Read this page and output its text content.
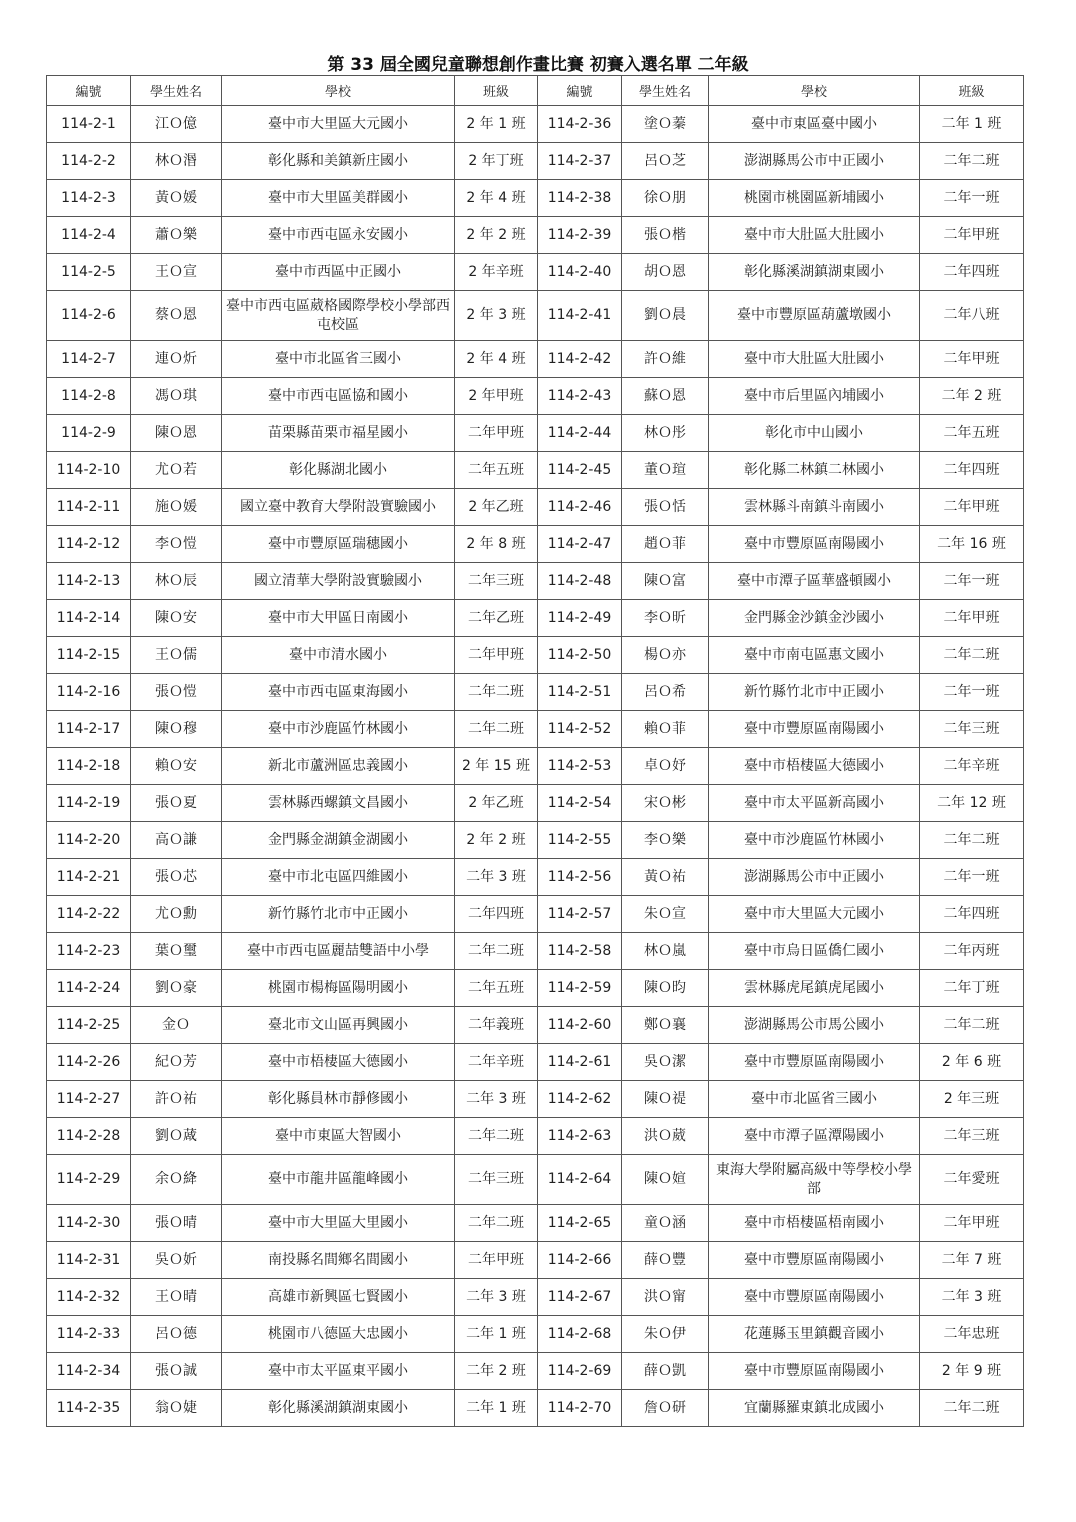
第 33 屆全國兒童聯想創作畫比賽 初賽入選名單 二年級
編號	學生姓名	學校	班級	編號	學生姓名	學校	班級
114-2-1	江Ｏ億	臺中市大里區大元國小	2 年 1 班	114-2-36	塗Ｏ蓁	臺中市東區臺中國小	二年 1 班
114-2-2	林Ｏ湣	彰化縣和美鎮新庄國小	2 年丁班	114-2-37	呂Ｏ芝	澎湖縣馬公市中正國小	二年二班
114-2-3	黃Ｏ媛	臺中市大里區美群國小	2 年 4 班	114-2-38	徐Ｏ朋	桃園市桃園區新埔國小	二年一班
114-2-4	蕭Ｏ樂	臺中市西屯區永安國小	2 年 2 班	114-2-39	張Ｏ楷	臺中市大肚區大肚國小	二年甲班
114-2-5	王Ｏ宣	臺中市西區中正國小	2 年辛班	114-2-40	胡Ｏ恩	彰化縣溪湖鎮湖東國小	二年四班
114-2-6	蔡Ｏ恩	臺中市西屯區葳格國際學校小學部西屯校區	2 年 3 班	114-2-41	劉Ｏ晨	臺中市豐原區葫蘆墩國小	二年八班
114-2-7	連Ｏ炘	臺中市北區省三國小	2 年 4 班	114-2-42	許Ｏ維	臺中市大肚區大肚國小	二年甲班
114-2-8	馮Ｏ琪	臺中市西屯區協和國小	2 年甲班	114-2-43	蘇Ｏ恩	臺中市后里區內埔國小	二年 2 班
114-2-9	陳Ｏ恩	苗栗縣苗栗市福星國小	二年甲班	114-2-44	林Ｏ彤	彰化市中山國小	二年五班
114-2-10	尤Ｏ若	彰化縣湖北國小	二年五班	114-2-45	董Ｏ瑄	彰化縣二林鎮二林國小	二年四班
114-2-11	施Ｏ媛	國立臺中教育大學附設實驗國小	2 年乙班	114-2-46	張Ｏ恬	雲林縣斗南鎮斗南國小	二年甲班
114-2-12	李Ｏ愷	臺中市豐原區瑞穗國小	2 年 8 班	114-2-47	趙Ｏ菲	臺中市豐原區南陽國小	二年 16 班
114-2-13	林Ｏ辰	國立清華大學附設實驗國小	二年三班	114-2-48	陳Ｏ富	臺中市潭子區華盛頓國小	二年一班
114-2-14	陳Ｏ安	臺中市大甲區日南國小	二年乙班	114-2-49	李Ｏ昕	金門縣金沙鎮金沙國小	二年甲班
114-2-15	王Ｏ儒	臺中市清水國小	二年甲班	114-2-50	楊Ｏ亦	臺中市南屯區惠文國小	二年二班
114-2-16	張Ｏ愷	臺中市西屯區東海國小	二年二班	114-2-51	呂Ｏ希	新竹縣竹北市中正國小	二年一班
114-2-17	陳Ｏ穆	臺中市沙鹿區竹林國小	二年二班	114-2-52	賴Ｏ菲	臺中市豐原區南陽國小	二年三班
114-2-18	賴Ｏ安	新北市蘆洲區忠義國小	2 年 15 班	114-2-53	卓Ｏ妤	臺中市梧棲區大德國小	二年辛班
114-2-19	張Ｏ夏	雲林縣西螺鎮文昌國小	2 年乙班	114-2-54	宋Ｏ彬	臺中市太平區新高國小	二年 12 班
114-2-20	高Ｏ謙	金門縣金湖鎮金湖國小	2 年 2 班	114-2-55	李Ｏ樂	臺中市沙鹿區竹林國小	二年二班
114-2-21	張Ｏ芯	臺中市北屯區四維國小	二年 3 班	114-2-56	黃Ｏ祐	澎湖縣馬公市中正國小	二年一班
114-2-22	尤Ｏ勳	新竹縣竹北市中正國小	二年四班	114-2-57	朱Ｏ宣	臺中市大里區大元國小	二年四班
114-2-23	葉Ｏ璽	臺中市西屯區麗喆雙語中小學	二年二班	114-2-58	林Ｏ嵐	臺中市烏日區僑仁國小	二年丙班
114-2-24	劉Ｏ豪	桃園市楊梅區陽明國小	二年五班	114-2-59	陳Ｏ昀	雲林縣虎尾鎮虎尾國小	二年丁班
114-2-25	金Ｏ	臺北市文山區再興國小	二年義班	114-2-60	鄭Ｏ襄	澎湖縣馬公市馬公國小	二年二班
114-2-26	紀Ｏ芳	臺中市梧棲區大德國小	二年辛班	114-2-61	吳Ｏ潔	臺中市豐原區南陽國小	2 年 6 班
114-2-27	許Ｏ祐	彰化縣員林市靜修國小	二年 3 班	114-2-62	陳Ｏ禔	臺中市北區省三國小	2 年三班
114-2-28	劉Ｏ蒧	臺中市東區大智國小	二年二班	114-2-63	洪Ｏ葳	臺中市潭子區潭陽國小	二年三班
114-2-29	余Ｏ絳	臺中市龍井區龍峰國小	二年三班	114-2-64	陳Ｏ媗	東海大學附屬高級中等學校小學部	二年愛班
114-2-30	張Ｏ晴	臺中市大里區大里國小	二年二班	114-2-65	童Ｏ涵	臺中市梧棲區梧南國小	二年甲班
114-2-31	吳Ｏ妡	南投縣名間鄉名間國小	二年甲班	114-2-66	薛Ｏ豐	臺中市豐原區南陽國小	二年 7 班
114-2-32	王Ｏ晴	高雄市新興區七賢國小	二年 3 班	114-2-67	洪Ｏ甯	臺中市豐原區南陽國小	二年 3 班
114-2-33	呂Ｏ德	桃園市八德區大忠國小	二年 1 班	114-2-68	朱Ｏ伊	花蓮縣玉里鎮觀音國小	二年忠班
114-2-34	張Ｏ誠	臺中市太平區東平國小	二年 2 班	114-2-69	薛Ｏ凱	臺中市豐原區南陽國小	2 年 9 班
114-2-35	翁Ｏ婕	彰化縣溪湖鎮湖東國小	二年 1 班	114-2-70	詹Ｏ研	宜蘭縣羅東鎮北成國小	二年二班
